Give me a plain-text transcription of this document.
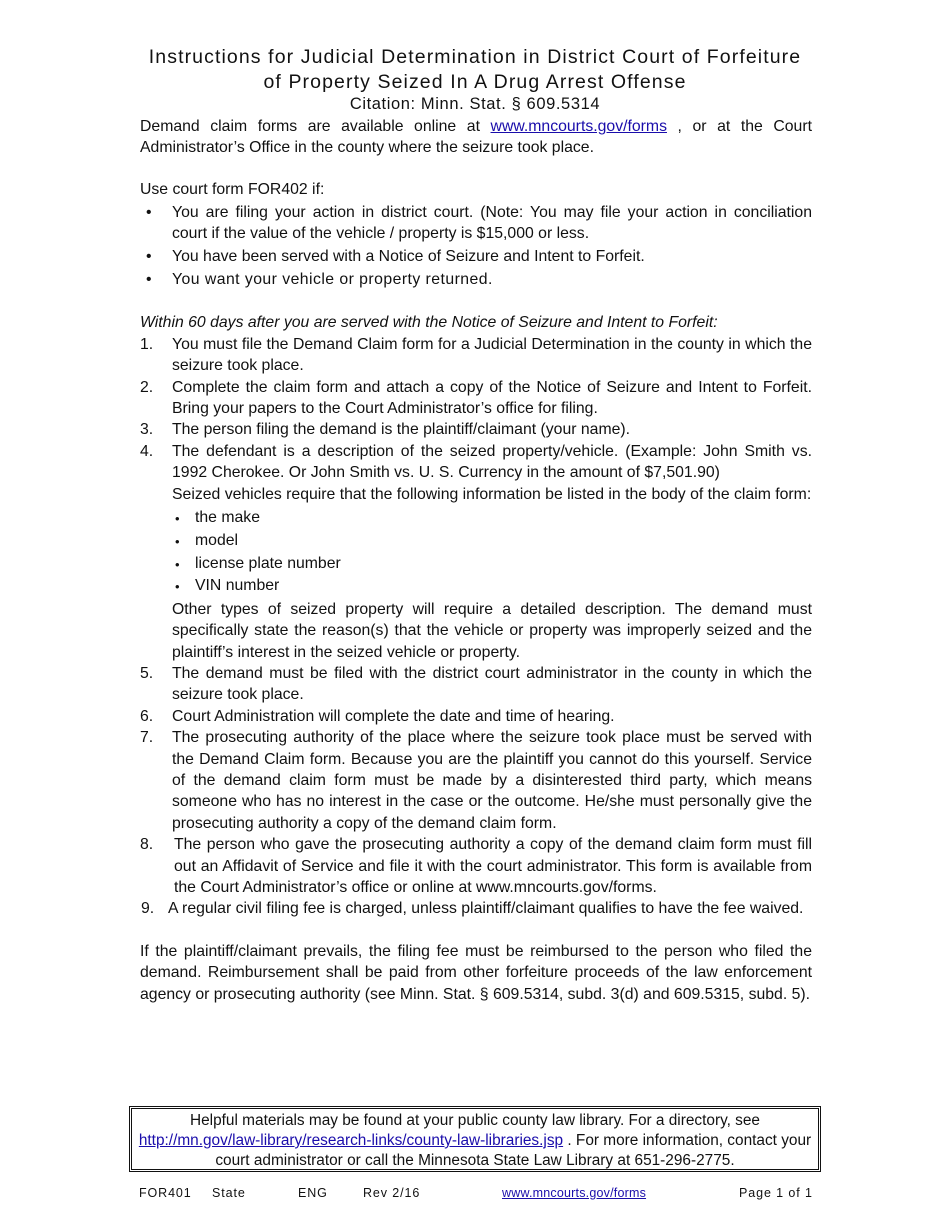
Instructions for Judicial Determination in District Court of Forfeiture
of Property Seized In A Drug Arrest Offense
Citation: Minn. Stat. § 609.5314

Demand claim forms are available online at www.mncourts.gov/forms , or at the Court Administrator’s Office in the county where the seizure took place.

Use court form FOR402 if:

• You are filing your action in district court. (Note: You may file your action in conciliation court if the value of the vehicle / property is $15,000 or less.
• You have been served with a Notice of Seizure and Intent to Forfeit.
• You want your vehicle or property returned.

Within 60 days after you are served with the Notice of Seizure and Intent to Forfeit:

1.	You must file the Demand Claim form for a Judicial Determination in the county in which the seizure took place.
2.	Complete the claim form and attach a copy of the Notice of Seizure and Intent to Forfeit. Bring your papers to the Court Administrator’s office for filing.
3.	The person filing the demand is the plaintiff/claimant (your name).
4.	The defendant is a description of the seized property/vehicle. (Example: John Smith vs. 1992 Cherokee. Or John Smith vs. U. S. Currency in the amount of $7,501.90)
Seized vehicles require that the following information be listed in the body of the claim form:
• the make
• model
• license plate number
• VIN number
Other types of seized property will require a detailed description. The demand must specifically state the reason(s) that the vehicle or property was improperly seized and the plaintiff’s interest in the seized vehicle or property.
5.	The demand must be filed with the district court administrator in the county in which the seizure took place.
6.	Court Administration will complete the date and time of hearing.
7.	The prosecuting authority of the place where the seizure took place must be served with the Demand Claim form. Because you are the plaintiff you cannot do this yourself. Service of the demand claim form must be made by a disinterested third party, which means someone who has no interest in the case or the outcome. He/she must personally give the prosecuting authority a copy of the demand claim form.
8.	The person who gave the prosecuting authority a copy of the demand claim form must fill out an Affidavit of Service and file it with the court administrator. This form is available from the Court Administrator’s office or online at www.mncourts.gov/forms.
9. A regular civil filing fee is charged, unless plaintiff/claimant qualifies to have the fee waived.

If the plaintiff/claimant prevails, the filing fee must be reimbursed to the person who filed the demand. Reimbursement shall be paid from other forfeiture proceeds of the law enforcement agency or prosecuting authority (see Minn. Stat. § 609.5314, subd. 3(d) and 609.5315, subd. 5).

Helpful materials may be found at your public county law library. For a directory, see
http://mn.gov/law-library/research-links/county-law-libraries.jsp . For more information, contact your court administrator or call the Minnesota State Law Library at 651-296-2775.
FOR401 State	ENG	Rev 2/16	www.mncourts.gov/forms	Page 1 of 1
